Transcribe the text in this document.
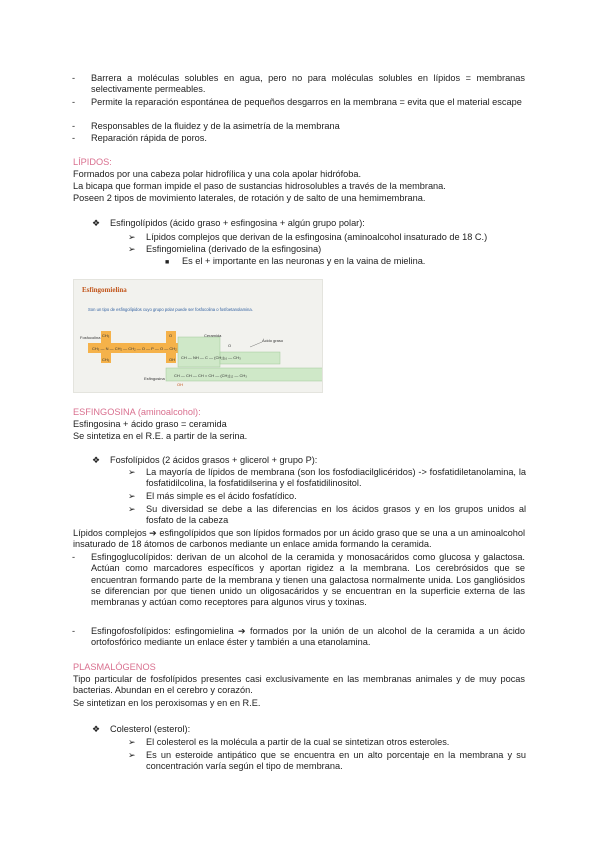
- Barrera a moléculas solubles en agua, pero no para moléculas solubles en lípidos = membranas selectivamente permeables.
- Permite la reparación espontánea de pequeños desgarros en la membrana = evita que el material escape
- Responsables de la fluidez y de la asimetría de la membrana
- Reparación rápida de poros.
LÍPIDOS:
Formados por una cabeza polar hidrofílica y una cola apolar hidrófoba.
La bicapa que forman impide el paso de sustancias hidrosolubles a través de la membrana.
Poseen 2 tipos de movimiento laterales, de rotación y de salto de una hemimembrana.
❖ Esfingolípidos (ácido graso + esfingosina + algún grupo polar):
➢ Lípidos complejos que derivan de la esfingosina (aminoalcohol insaturado de 18 C.)
➢ Esfingomielina (derivado de la esfingosina)
■ Es el + importante en las neuronas y en la vaina de mielina.
Esfingomielina
Son un tipo de esfingolípidos cuyo grupo polar puede ser fosfocolina o fosfoetanolamina.
CH₃
CH₃ — N — CH₂ — CH₂ — O — P — O — CH₂
CH₃
O
OH CH — NH — C — (CH₂)₁₆ — CH₃
O
CH — CH — CH = CH — (CH₂)₁₂ — CH₃
OH
Fosfocolina	Ceramida
Ácido graso
Esfingosina
ESFINGOSINA (aminoalcohol):
Esfingosina + ácido graso = ceramida
Se sintetiza en el R.E. a partir de la serina.
❖ Fosfolípidos (2 ácidos grasos + glicerol + grupo P):
➢ La mayoría de lípidos de membrana (son los fosfodiacilglicéridos) -> fosfatidiletanolamina, la fosfatidilcolina, la fosfatidilserina y el fosfatidilinositol.
➢ El más simple es el ácido fosfatídico.
➢ Su diversidad se debe a las diferencias en los ácidos grasos y en los grupos unidos al fosfato de la cabeza
Lípidos complejos ➔ esfingolípidos que son lípidos formados por un ácido graso que se una a un aminoalcohol insaturado de 18 átomos de carbonos mediante un enlace amida formando la ceramida.
- Esfingoglucolípidos: derivan de un alcohol de la ceramida y monosacáridos como glucosa y galactosa. Actúan como marcadores específicos y aportan rigidez a la membrana. Los cerebrósidos que se encuentran formando parte de la membrana y tienen una galactosa normalmente unida. Los gangliósidos se diferencian por que tienen unido un oligosacáridos y se encuentran en la superficie externa de las membranas y actúan como receptores para algunos virus y toxinas.
- Esfingofosfolípidos: esfingomielina ➔ formados por la unión de un alcohol de la ceramida a un ácido ortofosfórico mediante un enlace éster y también a una etanolamina.
PLASMALÓGENOS
Tipo particular de fosfolípidos presentes casi exclusivamente en las membranas animales y de muy pocas bacterias. Abundan en el cerebro y corazón.
Se sintetizan en los peroxisomas y en en R.E.
❖ Colesterol (esterol):
➢ El colesterol es la molécula a partir de la cual se sintetizan otros esteroles.
➢ Es un esteroide antipático que se encuentra en un alto porcentaje en la membrana y su concentración varía según el tipo de membrana.
